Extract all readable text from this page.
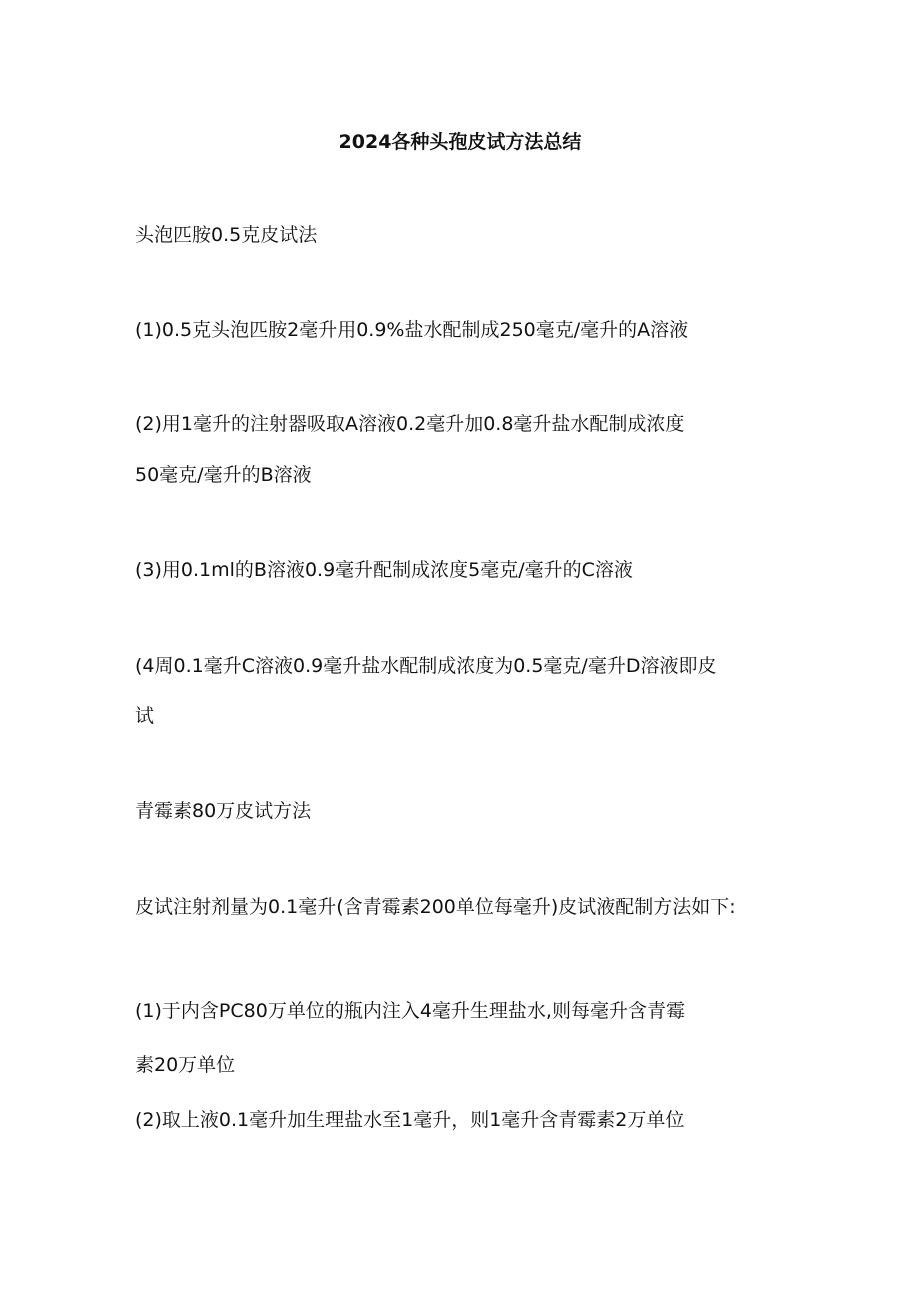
2024各种头孢皮试方法总结
头泡匹胺0.5克皮试法
(1)0.5克头泡匹胺2毫升用0.9%盐水配制成250毫克/毫升的A溶液
(2)用1毫升的注射器吸取A溶液0.2毫升加0.8毫升盐水配制成浓度
50毫克/毫升的B溶液
(3)用0.1ml的B溶液0.9毫升配制成浓度5毫克/毫升的C溶液
(4周0.1毫升C溶液0.9毫升盐水配制成浓度为0.5毫克/毫升D溶液即皮
试
青霉素80万皮试方法
皮试注射剂量为0.1毫升(含青霉素200单位每毫升)皮试液配制方法如下:
(1)于内含PC80万单位的瓶内注入4毫升生理盐水,则每毫升含青霉
素20万单位
(2)取上液0.1毫升加生理盐水至1毫升，则1毫升含青霉素2万单位
